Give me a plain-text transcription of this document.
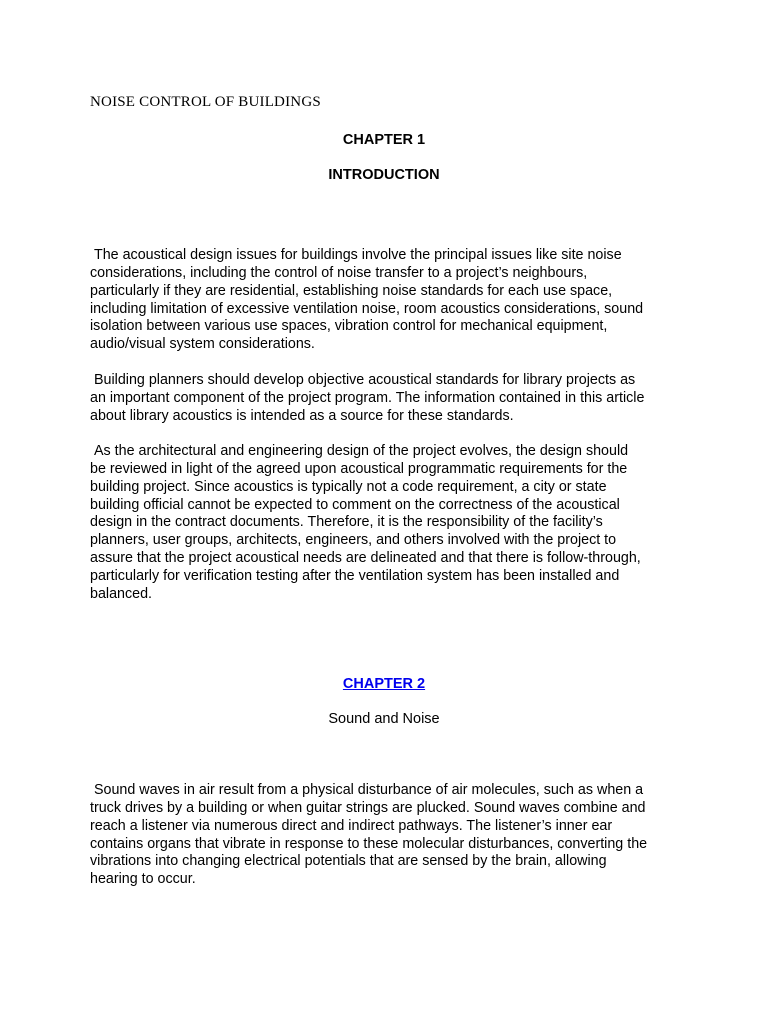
NOISE CONTROL OF BUILDINGS

CHAPTER 1

INTRODUCTION

The acoustical design issues for buildings involve the principal issues like site noise
considerations, including the control of noise transfer to a project’s neighbours,
particularly if they are residential, establishing noise standards for each use space,
including limitation of excessive ventilation noise, room acoustics considerations, sound
isolation between various use spaces, vibration control for mechanical equipment,
audio/visual system considerations.

Building planners should develop objective acoustical standards for library projects as
an important component of the project program. The information contained in this article
about library acoustics is intended as a source for these standards.

As the architectural and engineering design of the project evolves, the design should
be reviewed in light of the agreed upon acoustical programmatic requirements for the
building project. Since acoustics is typically not a code requirement, a city or state
building official cannot be expected to comment on the correctness of the acoustical
design in the contract documents. Therefore, it is the responsibility of the facility’s
planners, user groups, architects, engineers, and others involved with the project to
assure that the project acoustical needs are delineated and that there is follow-through,
particularly for verification testing after the ventilation system has been installed and
balanced.

CHAPTER 2

Sound and Noise

Sound waves in air result from a physical disturbance of air molecules, such as when a
truck drives by a building or when guitar strings are plucked. Sound waves combine and
reach a listener via numerous direct and indirect pathways. The listener’s inner ear
contains organs that vibrate in response to these molecular disturbances, converting the
vibrations into changing electrical potentials that are sensed by the brain, allowing
hearing to occur.
